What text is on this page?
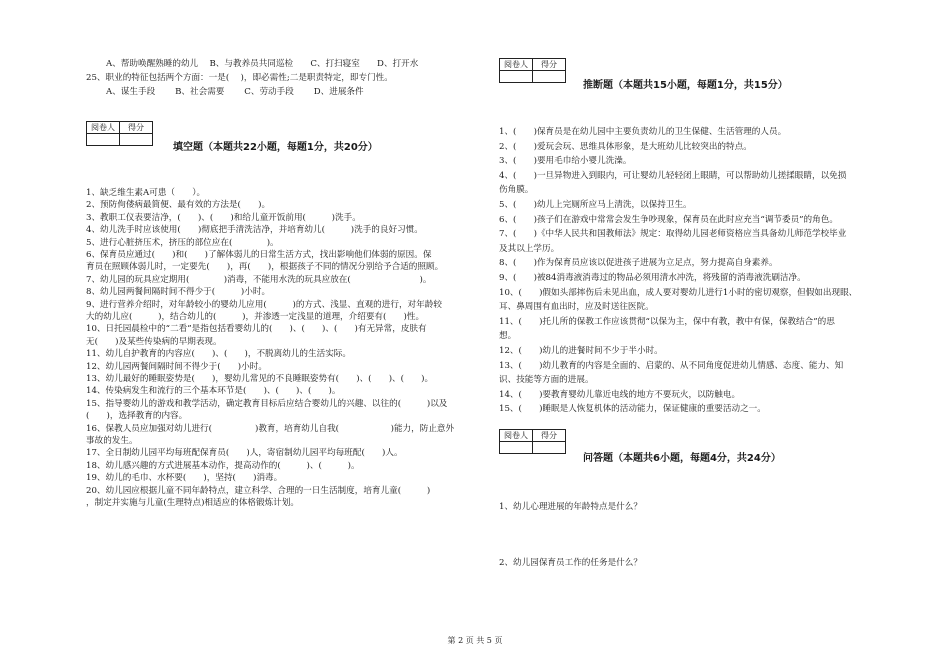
A、帮助唤醒熟睡的幼儿　 B、与教养员共同巡检　　C、打扫寝室　　D、打开水
25、职业的特征包括两个方面：一是(　 )，即必需性;二是职责特定，即专门性。
A、谋生手段　　 B、社会需要　　 C、劳动手段　　 D、进展条件
阅卷人	得分

填空题（本题共22小题，每题1分，共20分）
1、缺乏维生素A可患（　　）。
2、预防佝偻病最简便、最有效的方法是(　　)。
3、教职工仪表要洁净，(　　)、(　　)和给儿童开饭前用(　　　)洗手。
4、幼儿洗手时应该使用(　　)彻底把手清洗洁净，并培育幼儿(　　　)洗手的良好习惯。
5、进行心脏挤压术，挤压的部位应在(　　　　)。
6、保育员应通过(　　)和(　　)了解体弱儿的日常生活方式，找出影响他们体弱的原因。保
育员在照顾体弱儿时，一定要先(　　)，再(　　)，根据孩子不同的情况分别给予合适的照顾。
7、幼儿园的玩具应定期用(　　　　)消毒，不能用水洗的玩具应放在(　　　　　　　　)。
8、幼儿园两餐间隔时间不得少于(　　　)小时。
9、进行营养介绍时，对年龄较小的婴幼儿应用(　　　)的方式、浅显、直观的进行，对年龄较
大的幼儿应(　　　)，结合幼儿的(　　　)，并渗透一定浅显的道理，介绍要有(　　)性。
10、日托园晨检中的“二看”是指包括看婴幼儿的(　　)、(　　)、(　　)有无异常，皮肤有
无(　　)及某些传染病的早期表现。
11、幼儿自护教育的内容应(　　)、(　　)，不脱离幼儿的生活实际。
12、幼儿园两餐间隔时间不得少于(　　)小时。
13、幼儿最好的睡眠姿势是(　　)，婴幼儿常见的不良睡眠姿势有(　　)、(　　)、(　　)。
14、传染病发生和流行的三个基本环节是(　　)、(　　)、(　　)。
15、指导婴幼儿的游戏和教学活动，确定教育目标后应结合婴幼儿的兴趣、以往的(　　　)以及
(　　)，选择教育的内容。
16、保教人员应加强对幼儿进行(　　　　　)教育，培育幼儿自我(　　　　　　)能力，防止意外
事故的发生。
17、全日制幼儿园平均每班配保育员(　　)人，寄宿制幼儿园平均每班配(　　)人。
18、幼儿感兴趣的方式进展基本动作，提高动作的(　　　)、(　　　)。
19、幼儿的毛巾、水杯要(　　)，坚持(　　)消毒。
20、幼儿园应根据儿童不同年龄特点，建立科学、合理的一日生活制度，培育儿童(　　　)
，制定并实施与儿童(生理特点)相适应的体格锻炼计划。
阅卷人	得分

推断题（本题共15小题，每题1分，共15分）
1、(　　)保育员是在幼儿园中主要负责幼儿的卫生保健、生活管理的人员。
2、(　　)爱玩会玩、思维具体形象，是大班幼儿比较突出的特点。
3、(　　)要用毛巾给小婴儿洗澡。
4、(　　)一旦异物进入到眼内，可让婴幼儿轻轻闭上眼睛，可以帮助幼儿搓揉眼睛，以免损
伤角膜。
5、(　　)幼儿上完厕所应马上清洗，以保持卫生。
6、(　　)孩子们在游戏中常常会发生争吵现象，保育员在此时应充当“调节委员”的角色。
7、(　　)《中华人民共和国教师法》规定：取得幼儿园老师资格应当具备幼儿师范学校毕业
及其以上学历。
8、(　　)作为保育员应该以促进孩子进展为立足点，努力提高自身素养。
9、(　　)被84消毒液消毒过的物品必须用清水冲洗，将残留的消毒液洗刷洁净。
10、(　　)假如头部摔伤后未见出血，成人要对婴幼儿进行1小时的密切观察，但假如出现眼、
耳、鼻周围有血出时，应及时送往医院。
11、(　　)托儿所的保教工作应该贯彻“以保为主，保中有教，教中有保，保教结合”的思
想。
12、(　　)幼儿的进餐时间不少于半小时。
13、(　　)幼儿教育的内容是全面的、启蒙的、从不同角度促进幼儿情感、态度、能力、知
识、技能等方面的进展。
14、(　　)要教育婴幼儿靠近电线的地方不要玩火，以防触电。
15、(　　)睡眠是人恢复机体的活动能力，保证健康的重要活动之一。
阅卷人	得分

问答题（本题共6小题，每题4分，共24分）
1、幼儿心理进展的年龄特点是什么？
2、幼儿园保育员工作的任务是什么？
第 2 页 共 5 页
